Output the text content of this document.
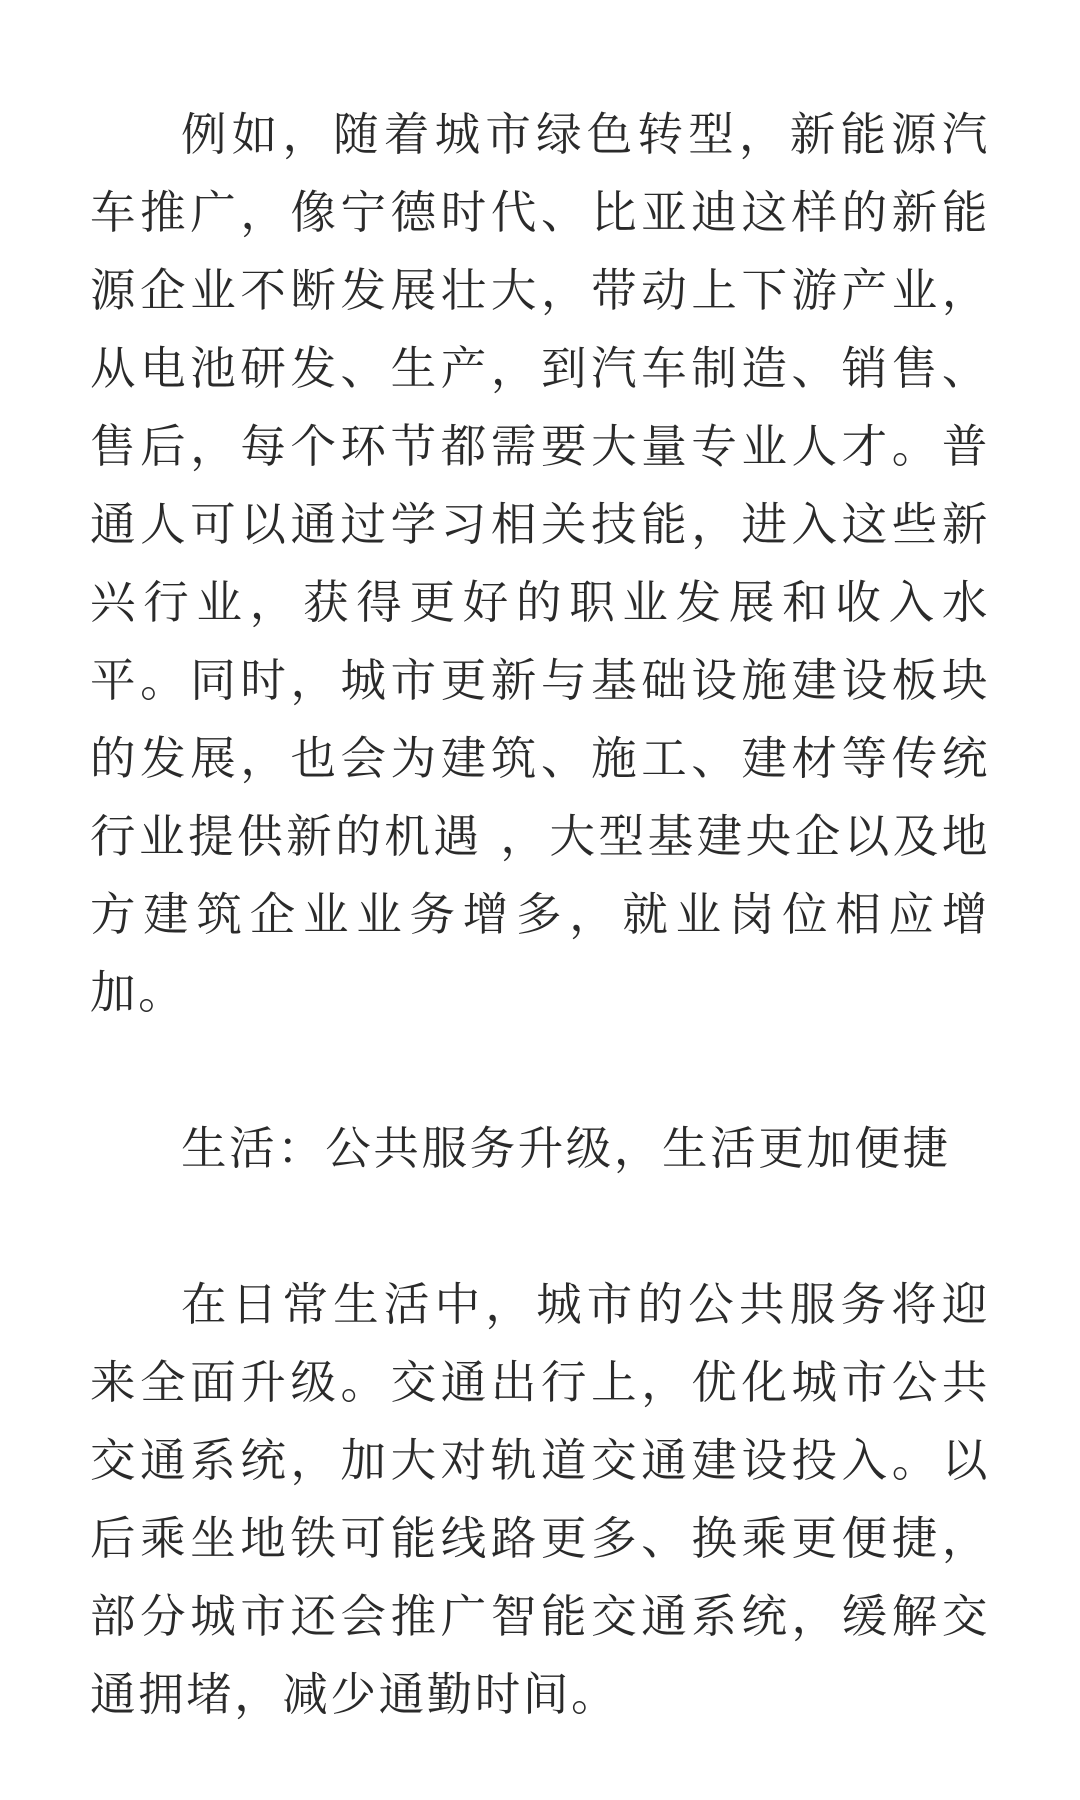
例如，随着城市绿色转型，新能源汽车推广，像宁德时代、比亚迪这样的新能源企业不断发展壮大，带动上下游产业，从电池研发、生产，到汽车制造、销售、售后，每个环节都需要大量专业人才。普通人可以通过学习相关技能，进入这些新兴行业，获得更好的职业发展和收入水平。同时，城市更新与基础设施建设板块的发展，也会为建筑、施工、建材等传统行业提供新的机遇 ，大型基建央企以及地方建筑企业业务增多，就业岗位相应增加。

生活：公共服务升级，生活更加便捷

在日常生活中，城市的公共服务将迎来全面升级。交通出行上，优化城市公共交通系统，加大对轨道交通建设投入。以后乘坐地铁可能线路更多、换乘更便捷，部分城市还会推广智能交通系统，缓解交通拥堵，减少通勤时间。
